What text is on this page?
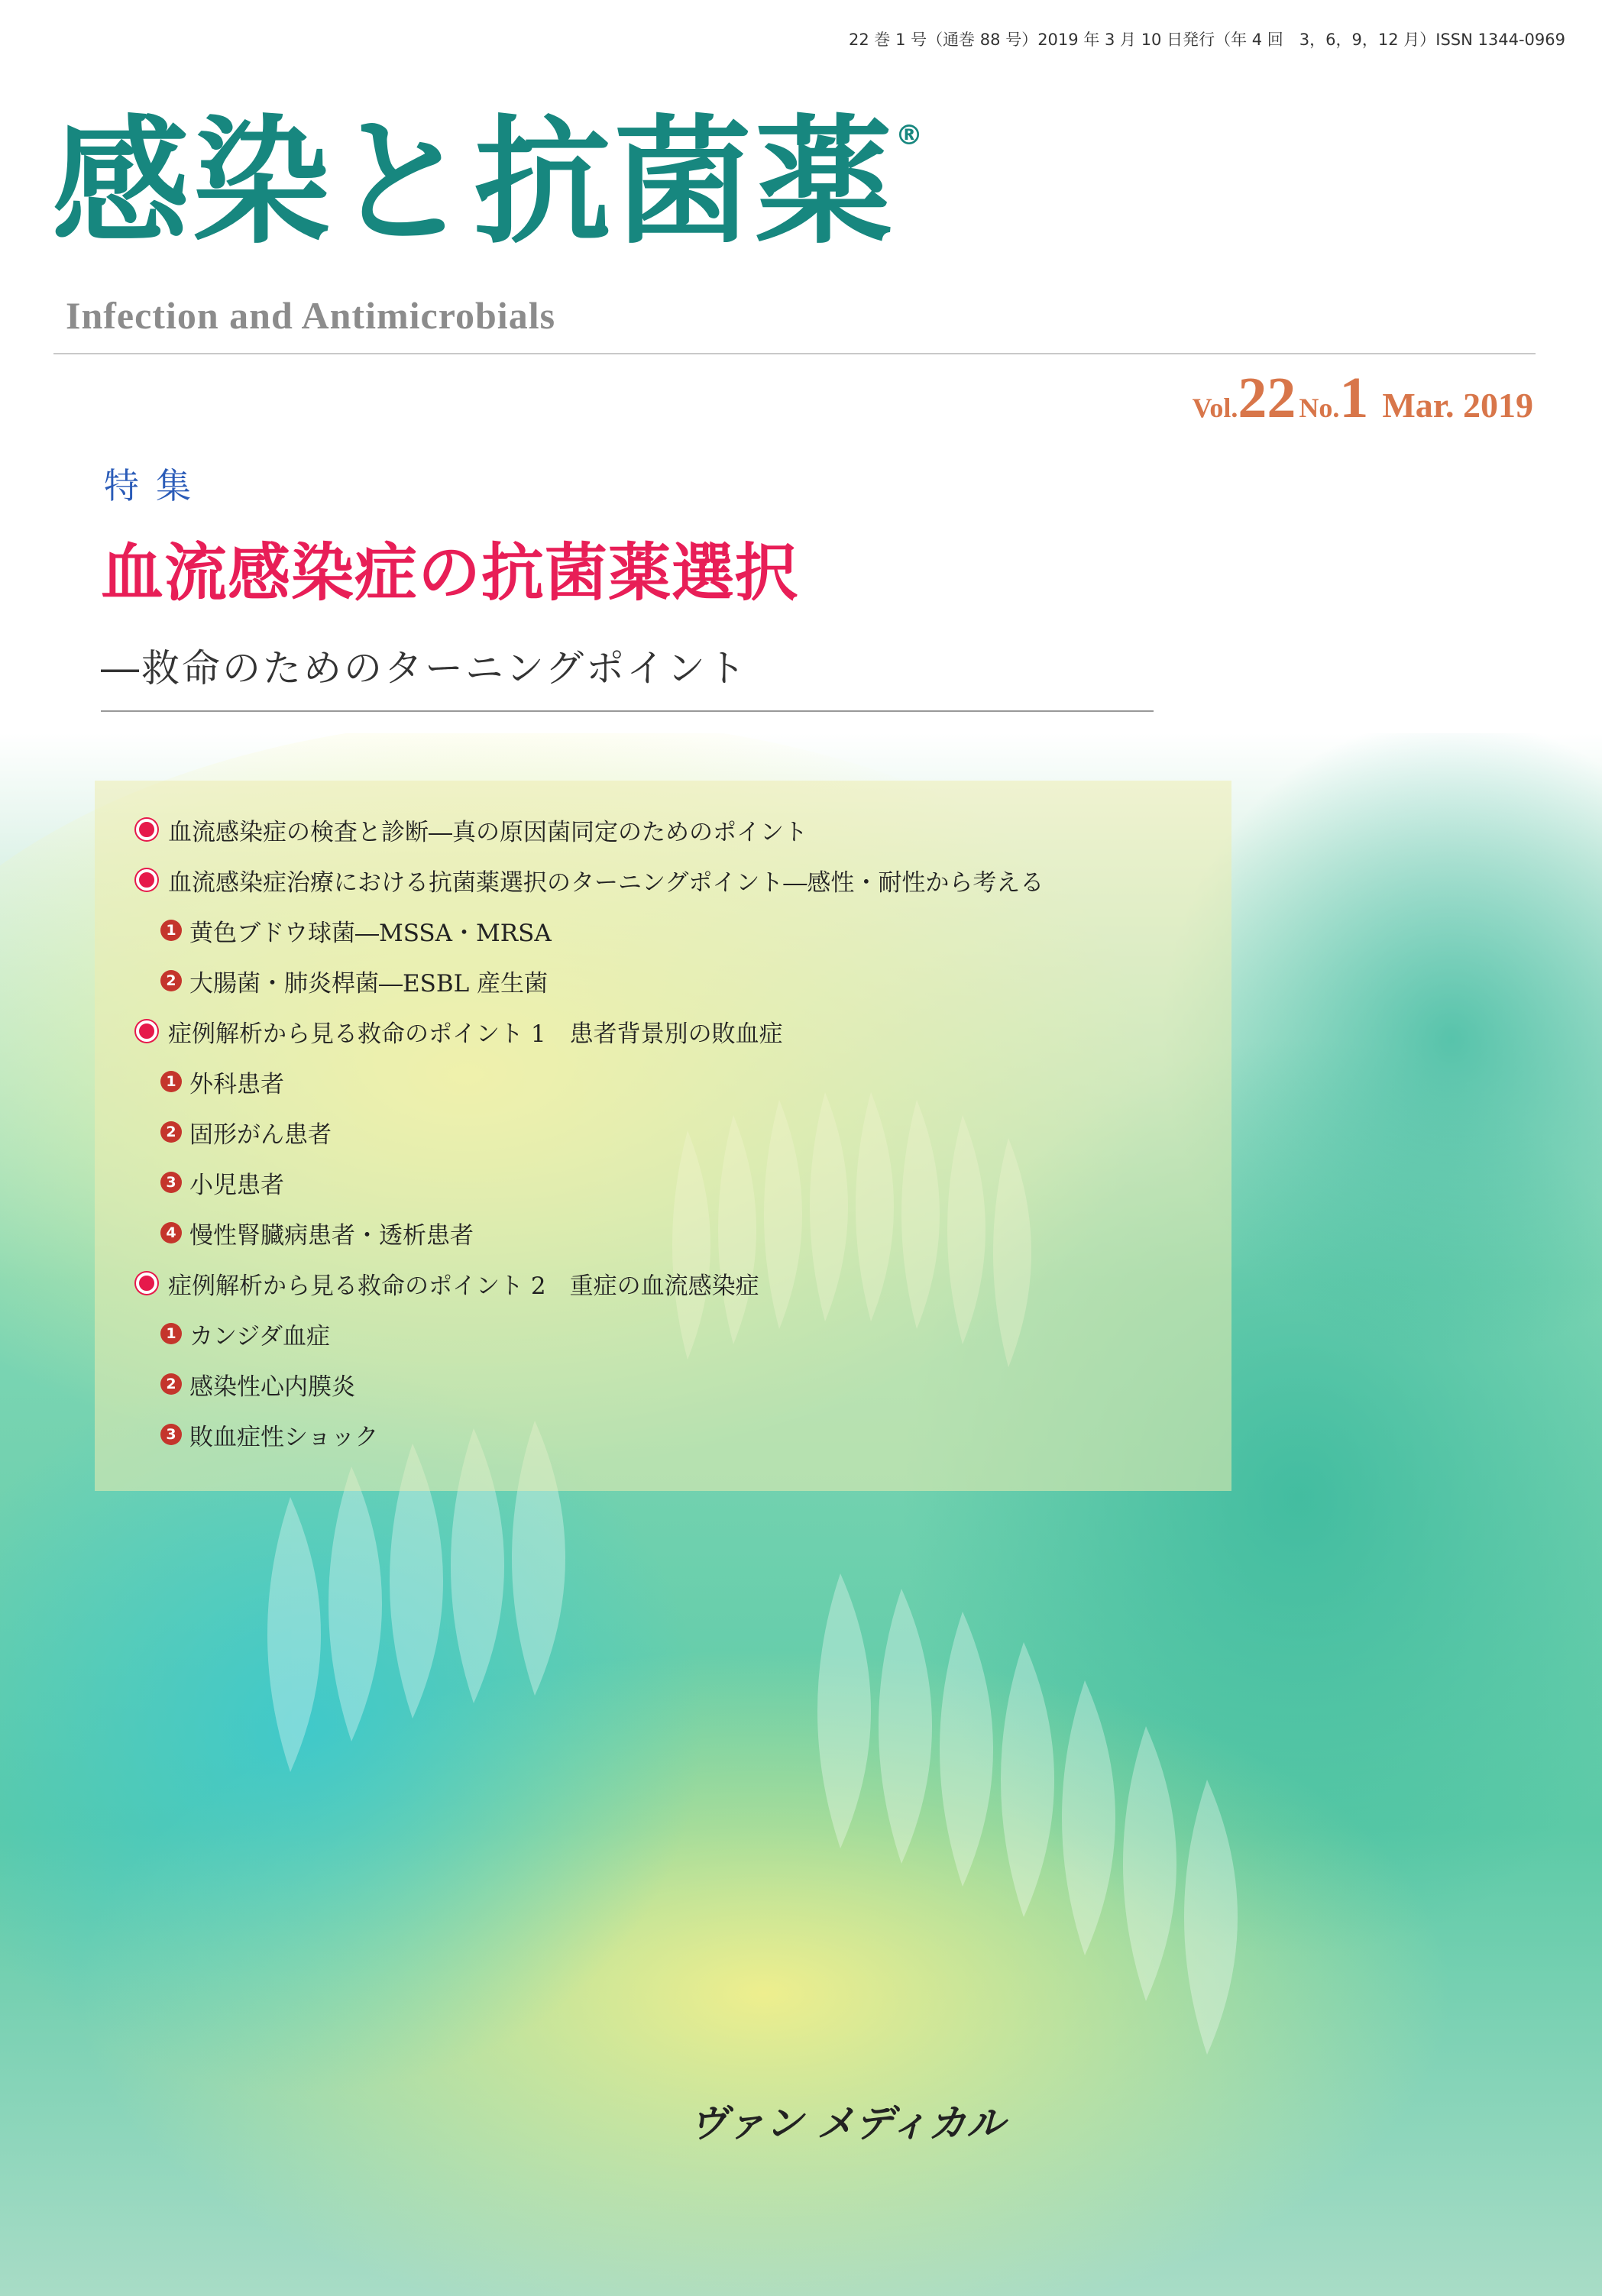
22 巻 1 号（通巻 88 号）2019 年 3 月 10 日発行（年 4 回　3，6，9，12 月）ISSN 1344-0969
感染と抗菌薬®
Infection and Antimicrobials
Vol.22 No.1 Mar. 2019
特集
血流感染症の抗菌薬選択
―救命のためのターニングポイント
血流感染症の検査と診断―真の原因菌同定のためのポイント
血流感染症治療における抗菌薬選択のターニングポイント―感性・耐性から考える
1 黄色ブドウ球菌―MSSA・MRSA
2 大腸菌・肺炎桿菌―ESBL 産生菌
症例解析から見る救命のポイント 1　患者背景別の敗血症
1 外科患者
2 固形がん患者
3 小児患者
4 慢性腎臓病患者・透析患者
症例解析から見る救命のポイント 2　重症の血流感染症
1 カンジダ血症
2 感染性心内膜炎
3 敗血症性ショック
ヴァン メディカル
